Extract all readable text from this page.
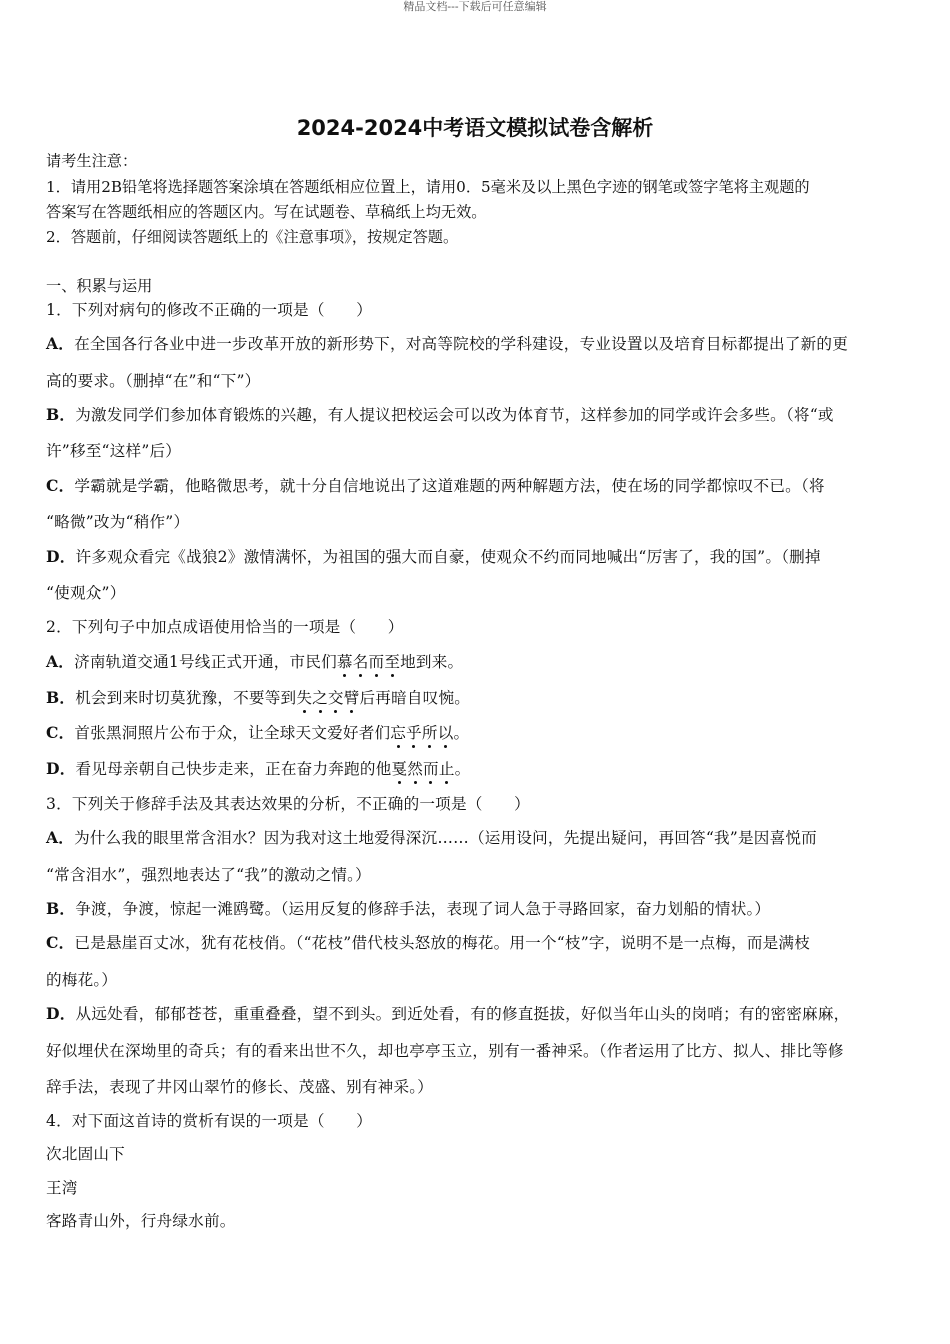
精品文档---下载后可任意编辑
2024-2024中考语文模拟试卷含解析
请考生注意：
1．请用2B铅笔将选择题答案涂填在答题纸相应位置上，请用0．5毫米及以上黑色字迹的钢笔或签字笔将主观题的
答案写在答题纸相应的答题区内。写在试题卷、草稿纸上均无效。
2．答题前，仔细阅读答题纸上的《注意事项》，按规定答题。
一、积累与运用
1．下列对病句的修改不正确的一项是（　　）
A．在全国各行各业中进一步改革开放的新形势下，对高等院校的学科建设，专业设置以及培育目标都提出了新的更
高的要求。（删掉“在”和“下”）
B．为激发同学们参加体育锻炼的兴趣，有人提议把校运会可以改为体育节，这样参加的同学或许会多些。（将“或
许”移至“这样”后）
C．学霸就是学霸，他略微思考，就十分自信地说出了这道难题的两种解题方法，使在场的同学都惊叹不已。（将
“略微”改为“稍作”）
D．许多观众看完《战狼2》激情满怀，为祖国的强大而自豪，使观众不约而同地喊出“厉害了，我的国”。（删掉
“使观众”）
2．下列句子中加点成语使用恰当的一项是（　　）
A．济南轨道交通1号线正式开通，市民们慕名而至地到来。
B．机会到来时切莫犹豫，不要等到失之交臂后再暗自叹惋。
C．首张黑洞照片公布于众，让全球天文爱好者们忘乎所以。
D．看见母亲朝自己快步走来，正在奋力奔跑的他戛然而止。
3．下列关于修辞手法及其表达效果的分析，不正确的一项是（　　）
A．为什么我的眼里常含泪水？因为我对这土地爱得深沉……（运用设问，先提出疑问，再回答“我”是因喜悦而
“常含泪水”，强烈地表达了“我”的激动之情。）
B．争渡，争渡，惊起一滩鸥鹭。（运用反复的修辞手法，表现了词人急于寻路回家，奋力划船的情状。）
C．已是悬崖百丈冰，犹有花枝俏。（“花枝”借代枝头怒放的梅花。用一个“枝”字，说明不是一点梅，而是满枝
的梅花。）
D．从远处看，郁郁苍苍，重重叠叠，望不到头。到近处看，有的修直挺拔，好似当年山头的岗哨；有的密密麻麻，
好似埋伏在深坳里的奇兵；有的看来出世不久，却也亭亭玉立，别有一番神采。（作者运用了比方、拟人、排比等修
辞手法，表现了井冈山翠竹的修长、茂盛、别有神采。）
4．对下面这首诗的赏析有误的一项是（　　）
次北固山下
王湾
客路青山外，行舟绿水前。
